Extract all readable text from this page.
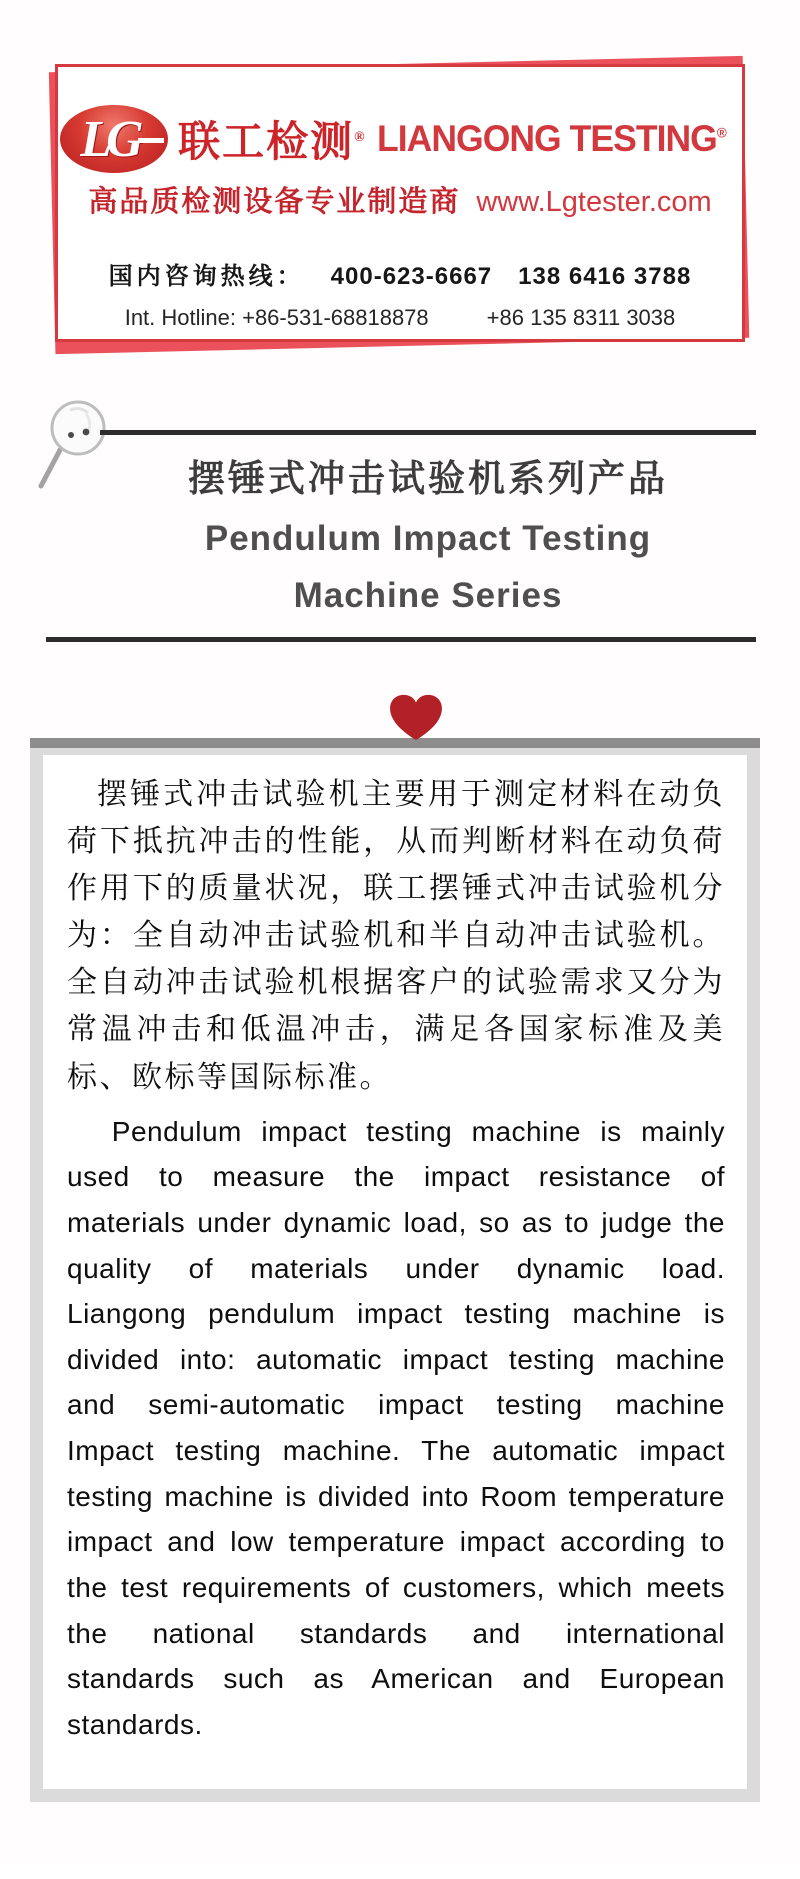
LG 联工检测® LIANGONG TESTING®
高品质检测设备专业制造商 www.Lgtester.com
国内咨询热线： 400-623-6667 138 6416 3788
Int. Hotline: +86-531-68818878	+86 135 8311 3038
摆锤式冲击试验机系列产品
Pendulum Impact Testing
Machine Series

摆锤式冲击试验机主要用于测定材料在动负荷下抵抗冲击的性能，从而判断材料在动负荷作用下的质量状况，联工摆锤式冲击试验机分为：全自动冲击试验机和半自动冲击试验机。全自动冲击试验机根据客户的试验需求又分为常温冲击和低温冲击，满足各国家标准及美标、欧标等国际标准。

Pendulum impact testing machine is mainly used to measure the impact resistance of materials under dynamic load, so as to judge the quality of materials under dynamic load. Liangong pendulum impact testing machine is divided into: automatic impact testing machine and semi-automatic impact testing machine Impact testing machine. The automatic impact testing machine is divided into Room temperature impact and low temperature impact according to the test requirements of customers, which meets the national standards and international standards such as American and European standards.
